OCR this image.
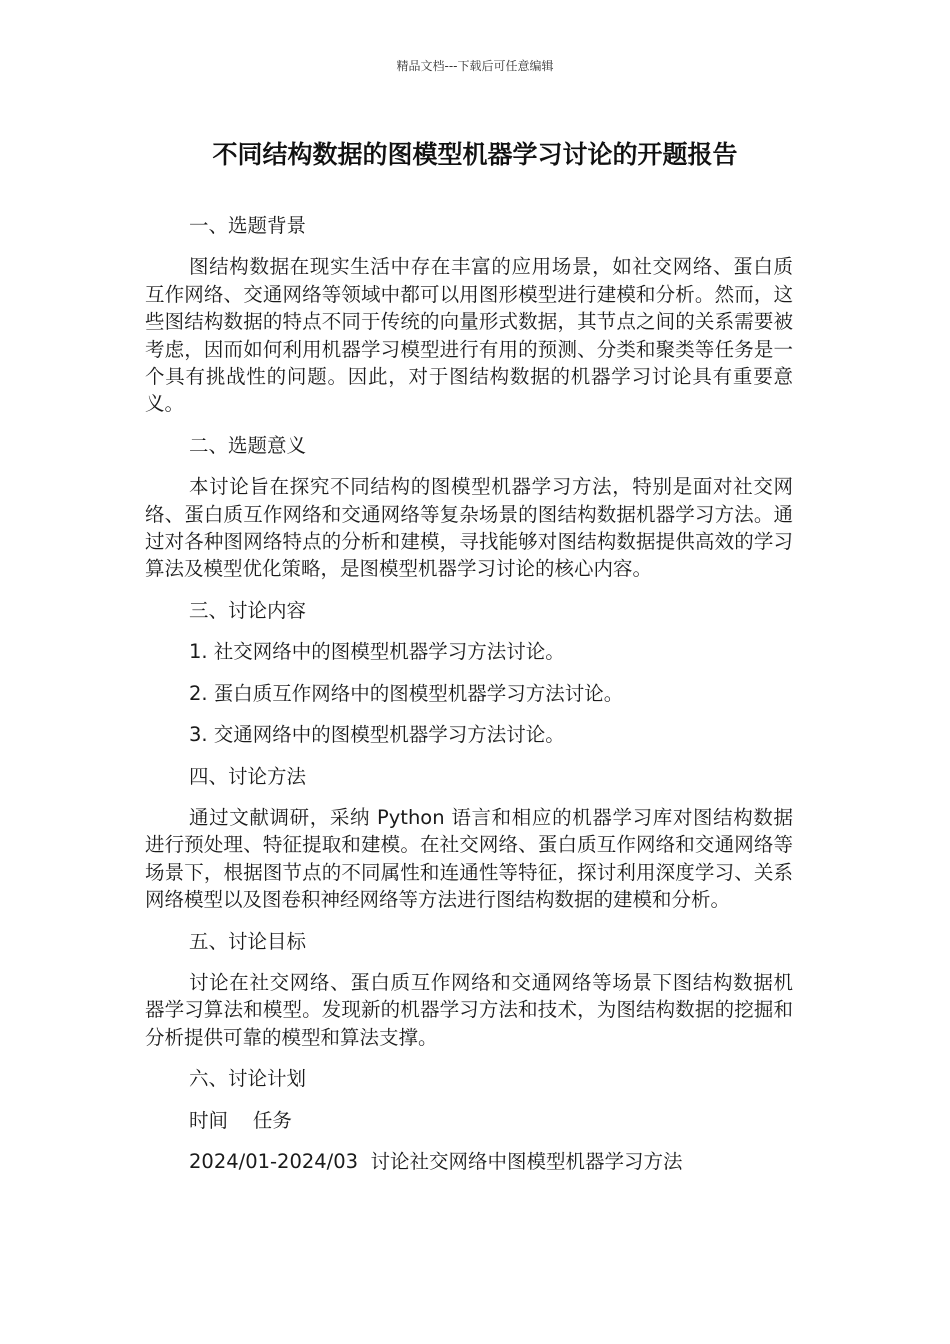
精品文档---下载后可任意编辑
不同结构数据的图模型机器学习讨论的开题报告

一、选题背景

图结构数据在现实生活中存在丰富的应用场景，如社交网络、蛋白质互作网络、交通网络等领域中都可以用图形模型进行建模和分析。然而，这些图结构数据的特点不同于传统的向量形式数据，其节点之间的关系需要被考虑，因而如何利用机器学习模型进行有用的预测、分类和聚类等任务是一个具有挑战性的问题。因此，对于图结构数据的机器学习讨论具有重要意义。

二、选题意义

本讨论旨在探究不同结构的图模型机器学习方法，特别是面对社交网络、蛋白质互作网络和交通网络等复杂场景的图结构数据机器学习方法。通过对各种图网络特点的分析和建模，寻找能够对图结构数据提供高效的学习算法及模型优化策略，是图模型机器学习讨论的核心内容。

三、讨论内容

1. 社交网络中的图模型机器学习方法讨论。

2. 蛋白质互作网络中的图模型机器学习方法讨论。

3. 交通网络中的图模型机器学习方法讨论。

四、讨论方法

通过文献调研，采纳 Python 语言和相应的机器学习库对图结构数据进行预处理、特征提取和建模。在社交网络、蛋白质互作网络和交通网络等场景下，根据图节点的不同属性和连通性等特征，探讨利用深度学习、关系网络模型以及图卷积神经网络等方法进行图结构数据的建模和分析。

五、讨论目标

讨论在社交网络、蛋白质互作网络和交通网络等场景下图结构数据机器学习算法和模型。发现新的机器学习方法和技术，为图结构数据的挖掘和分析提供可靠的模型和算法支撑。

六、讨论计划

时间 任务

2024/01-2024/03 讨论社交网络中图模型机器学习方法
